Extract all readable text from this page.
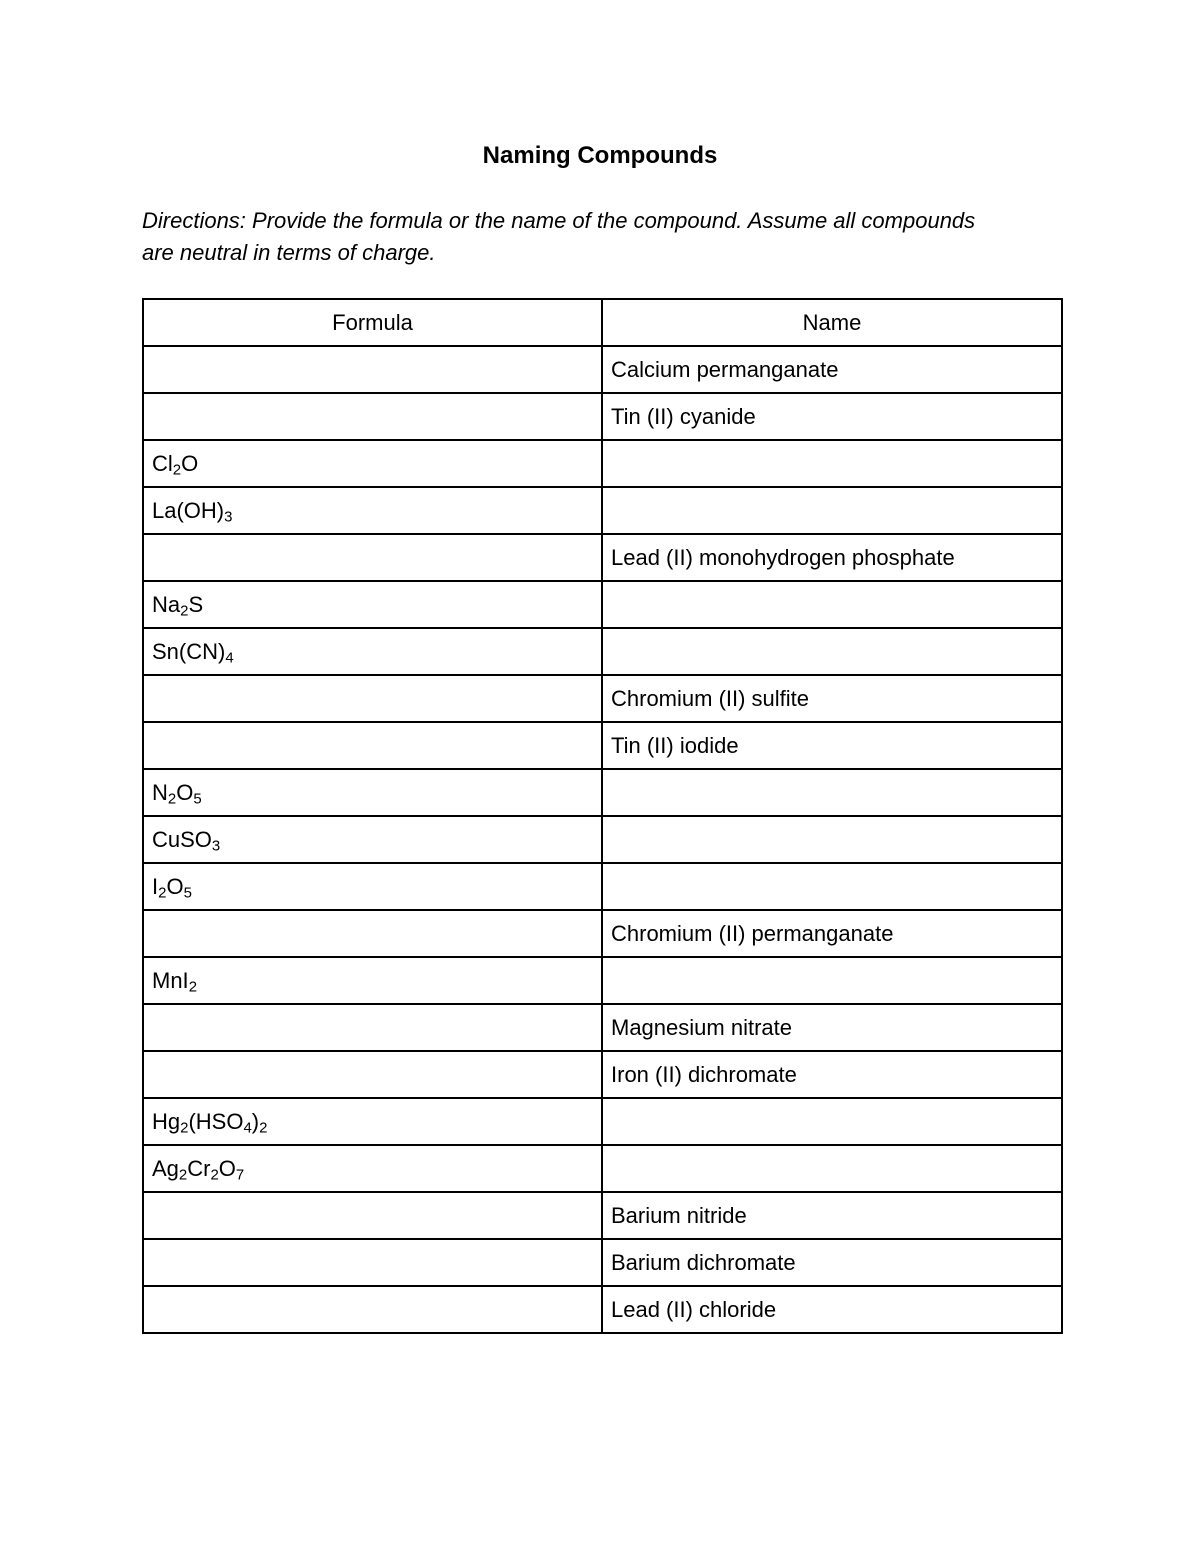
Naming Compounds
Directions: Provide the formula or the name of the compound. Assume all compounds
are neutral in terms of charge.
Formula	Name
	Calcium permanganate
	Tin (II) cyanide
$Cl_2O$	
$La(OH)_3$	
	Lead (II) monohydrogen phosphate
$Na_2S$	
$Sn(CN)_4$	
	Chromium (II) sulfite
	Tin (II) iodide
$N_2O_5$	
CuSO$_3$	
$I_2O_5$	
	Chromium (II) permanganate
MnI$_2$	
	Magnesium nitrate
	Iron (II) dichromate
$Hg_2(HSO_4)_2$	
$Ag_2Cr_2O_7$	
	Barium nitride
	Barium dichromate
	Lead (II) chloride
